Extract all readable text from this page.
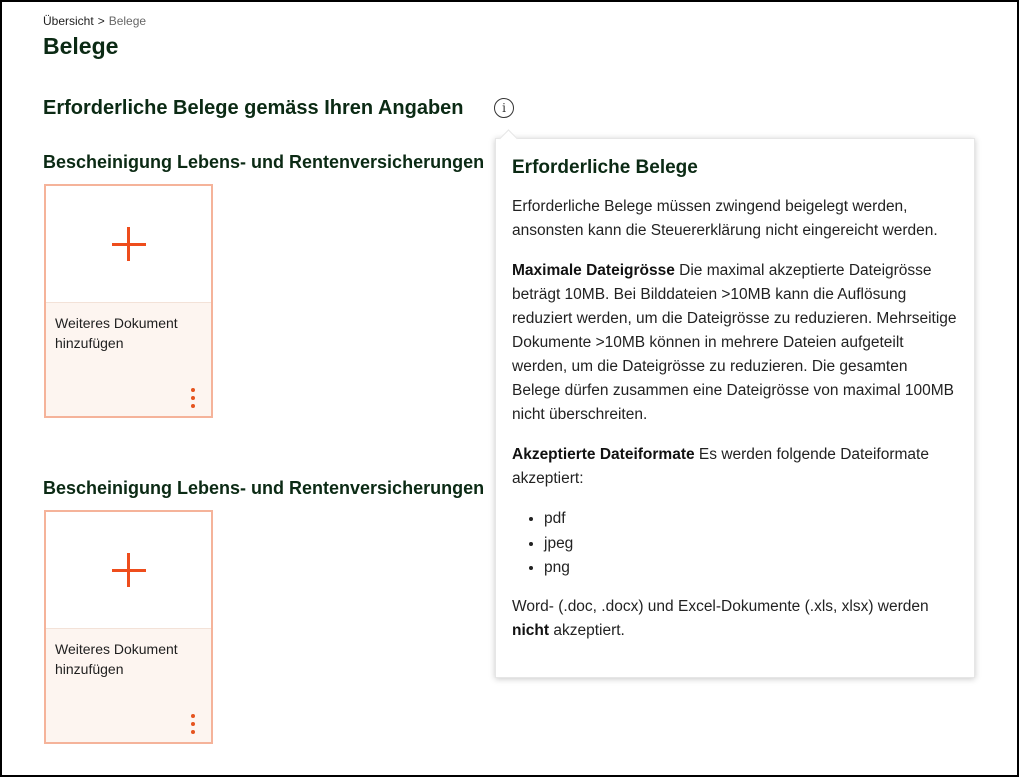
Übersicht > Belege
Belege
Erforderliche Belege gemäss Ihren Angaben	i
Bescheinigung Lebens- und Rentenversicherungen

Weiteres Dokument hinzufügen

Bescheinigung Lebens- und Rentenversicherungen

Weiteres Dokument hinzufügen

Erforderliche Belege

Erforderliche Belege müssen zwingend beigelegt werden, ansonsten kann die Steuererklärung nicht eingereicht werden.

Maximale Dateigrösse Die maximal akzeptierte Dateigrösse beträgt 10MB. Bei Bilddateien >10MB kann die Auflösung reduziert werden, um die Dateigrösse zu reduzieren. Mehrseitige Dokumente >10MB können in mehrere Dateien aufgeteilt werden, um die Dateigrösse zu reduzieren. Die gesamten Belege dürfen zusammen eine Dateigrösse von maximal 100MB nicht überschreiten.

Akzeptierte Dateiformate Es werden folgende Dateiformate akzeptiert:

• pdf
• jpeg
• png

Word- (.doc, .docx) und Excel-Dokumente (.xls, xlsx) werden
nicht akzeptiert.
